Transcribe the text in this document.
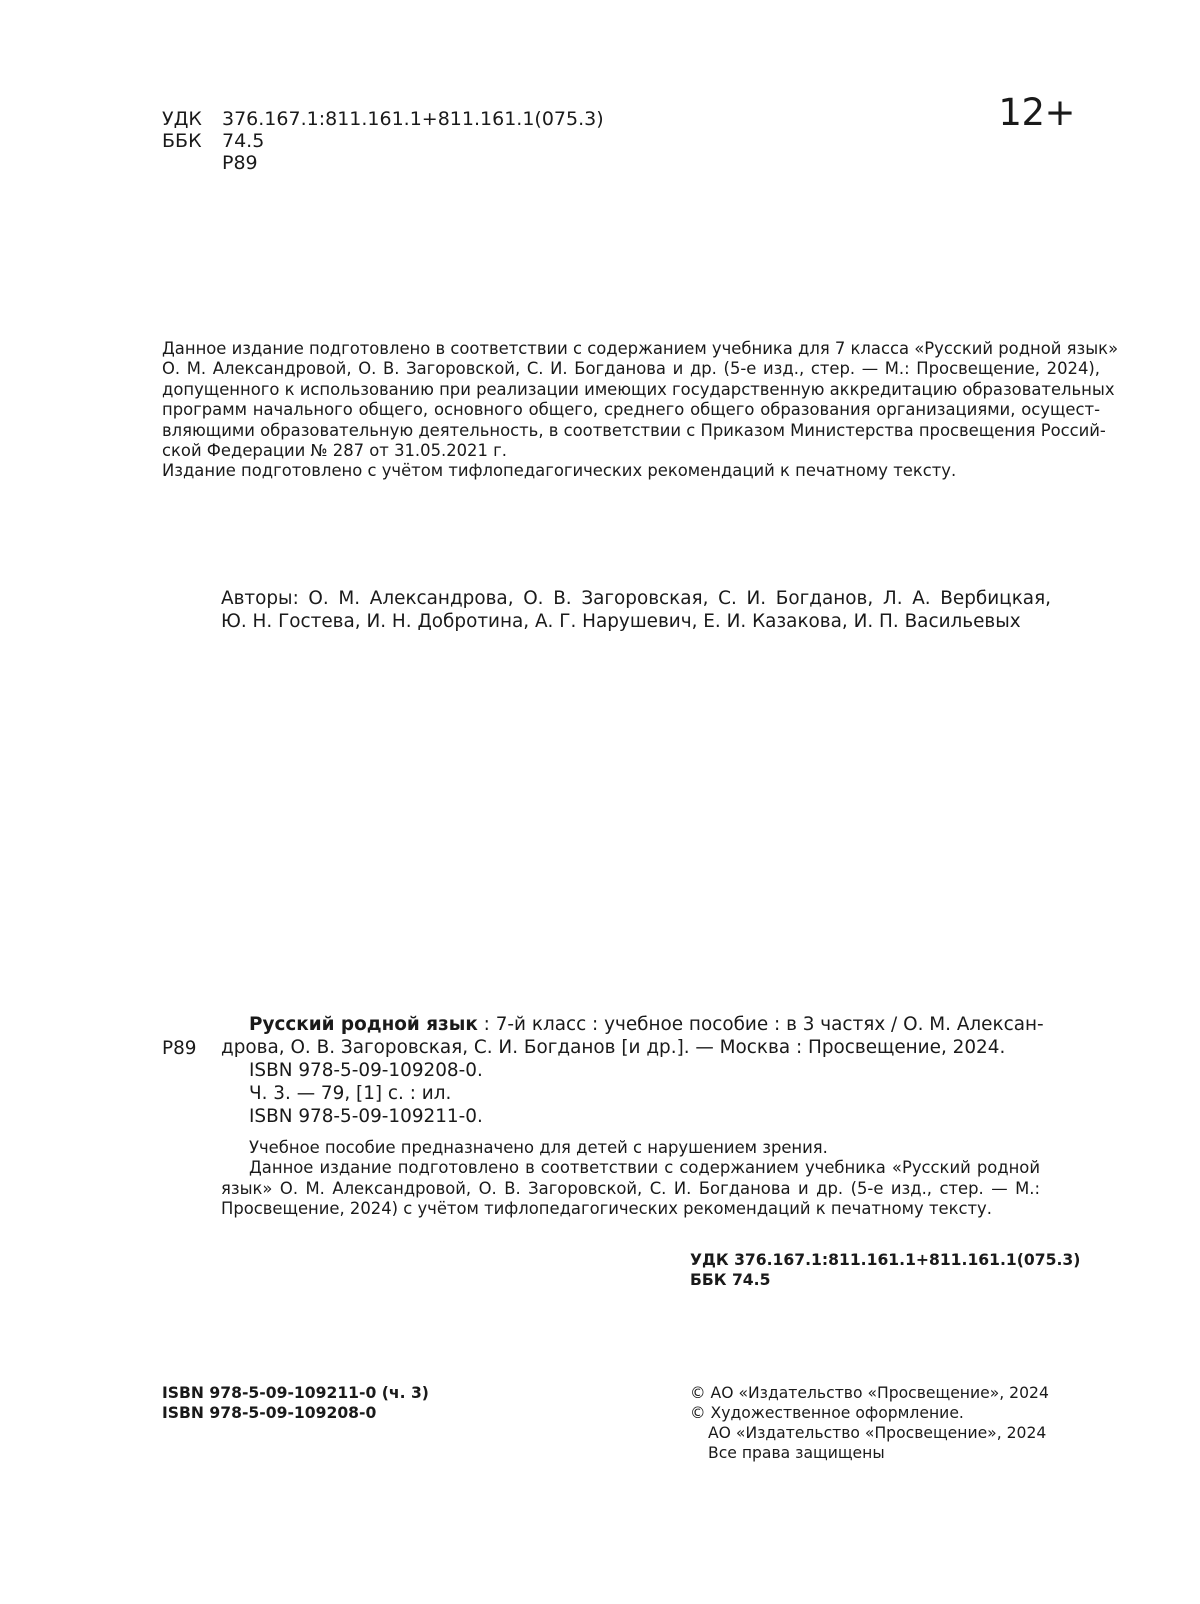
УДК	376.167.1:811.161.1+811.161.1(075.3)
ББК	74.5
Р89
12+
Данное издание подготовлено в соответствии с содержанием учебника для 7 класса «Русский родной язык»
О. М. Александровой, О. В. Загоровской, С. И. Богданова и др. (5-е изд., стер. — М.: Просвещение, 2024),
допущенного к использованию при реализации имеющих государственную аккредитацию образовательных
программ начального общего, основного общего, среднего общего образования организациями, осущест-
вляющими образовательную деятельность, в соответствии с Приказом Министерства просвещения Россий-
ской Федерации № 287 от 31.05.2021 г.
Издание подготовлено с учётом тифлопедагогических рекомендаций к печатному тексту.
Авторы: О. М. Александрова, О. В. Загоровская, С. И. Богданов, Л. А. Вербицкая,
Ю. Н. Гостева, И. Н. Добротина, А. Г. Нарушевич, Е. И. Казакова, И. П. Васильевых
Р89
Русский родной язык : 7-й класс : учебное пособие : в 3 частях / О. М. Алексан-
дрова, О. В. Загоровская, С. И. Богданов [и др.]. — Москва : Просвещение, 2024.
ISBN 978-5-09-109208-0.
Ч. 3. — 79, [1] с. : ил.
ISBN 978-5-09-109211-0.
Учебное пособие предназначено для детей с нарушением зрения.
Данное издание подготовлено в соответствии с содержанием учебника «Русский родной
язык» О. М. Александровой, О. В. Загоровской, С. И. Богданова и др. (5-е изд., стер. — М.:
Просвещение, 2024) с учётом тифлопедагогических рекомендаций к печатному тексту.
УДК 376.167.1:811.161.1+811.161.1(075.3)
ББК 74.5
ISBN 978-5-09-109211-0 (ч. 3)
ISBN 978-5-09-109208-0
© АО «Издательство «Просвещение», 2024
© Художественное оформление.
АО «Издательство «Просвещение», 2024
Все права защищены
